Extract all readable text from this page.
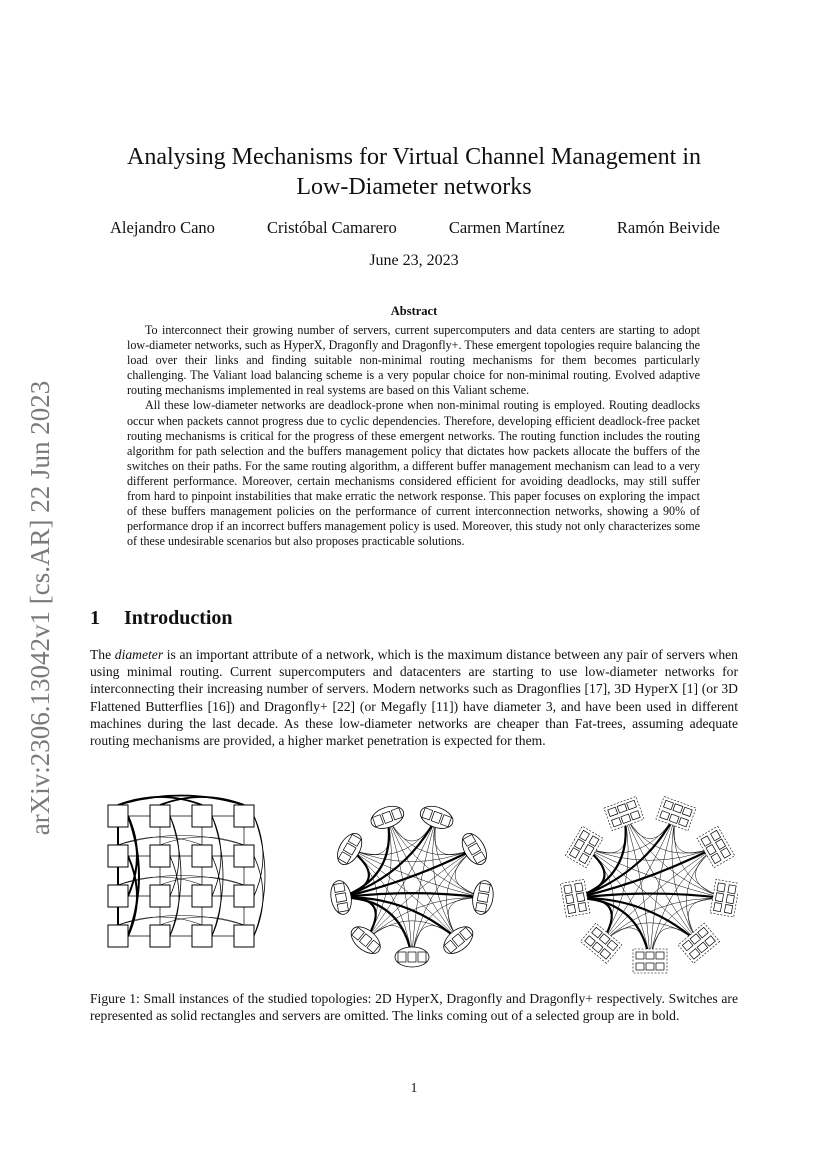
arXiv:2306.13042v1 [cs.AR] 22 Jun 2023
Analysing Mechanisms for Virtual Channel Management in
Low-Diameter networks
Alejandro Cano	Cristóbal Camarero	Carmen Martínez	Ramón Beivide
June 23, 2023
Abstract

To interconnect their growing number of servers, current supercomputers and data centers are starting to adopt low-diameter networks, such as HyperX, Dragonfly and Dragonfly+. These emergent topologies require balancing the load over their links and finding suitable non-minimal routing mechanisms for them becomes particularly challenging. The Valiant load balancing scheme is a very popular choice for non-minimal routing. Evolved adaptive routing mechanisms implemented in real systems are based on this Valiant scheme.

All these low-diameter networks are deadlock-prone when non-minimal routing is employed. Routing deadlocks occur when packets cannot progress due to cyclic dependencies. Therefore, developing efficient deadlock-free packet routing mechanisms is critical for the progress of these emergent networks. The routing function includes the routing algorithm for path selection and the buffers management policy that dictates how packets allocate the buffers of the switches on their paths. For the same routing algorithm, a different buffer management mechanism can lead to a very different performance. Moreover, certain mechanisms considered efficient for avoiding deadlocks, may still suffer from hard to pinpoint instabilities that make erratic the network response. This paper focuses on exploring the impact of these buffers management policies on the performance of current interconnection networks, showing a 90% of performance drop if an incorrect buffers management policy is used. Moreover, this study not only characterizes some of these undesirable scenarios but also proposes practicable solutions.

1 Introduction

The diameter is an important attribute of a network, which is the maximum distance between any pair of servers when using minimal routing. Current supercomputers and datacenters are starting to use low-diameter networks for interconnecting their increasing number of servers. Modern networks such as Dragonflies [17], 3D HyperX [1] (or 3D Flattened Butterflies [16]) and Dragonfly+ [22] (or Megafly [11]) have diameter 3, and have been used in different machines during the last decade. As these low-diameter networks are cheaper than Fat-trees, assuming adequate routing mechanisms are provided, a higher market penetration is expected for them.

Figure 1: Small instances of the studied topologies: 2D HyperX, Dragonfly and Dragonfly+ respectively. Switches are represented as solid rectangles and servers are omitted. The links coming out of a selected group are in bold.
1
